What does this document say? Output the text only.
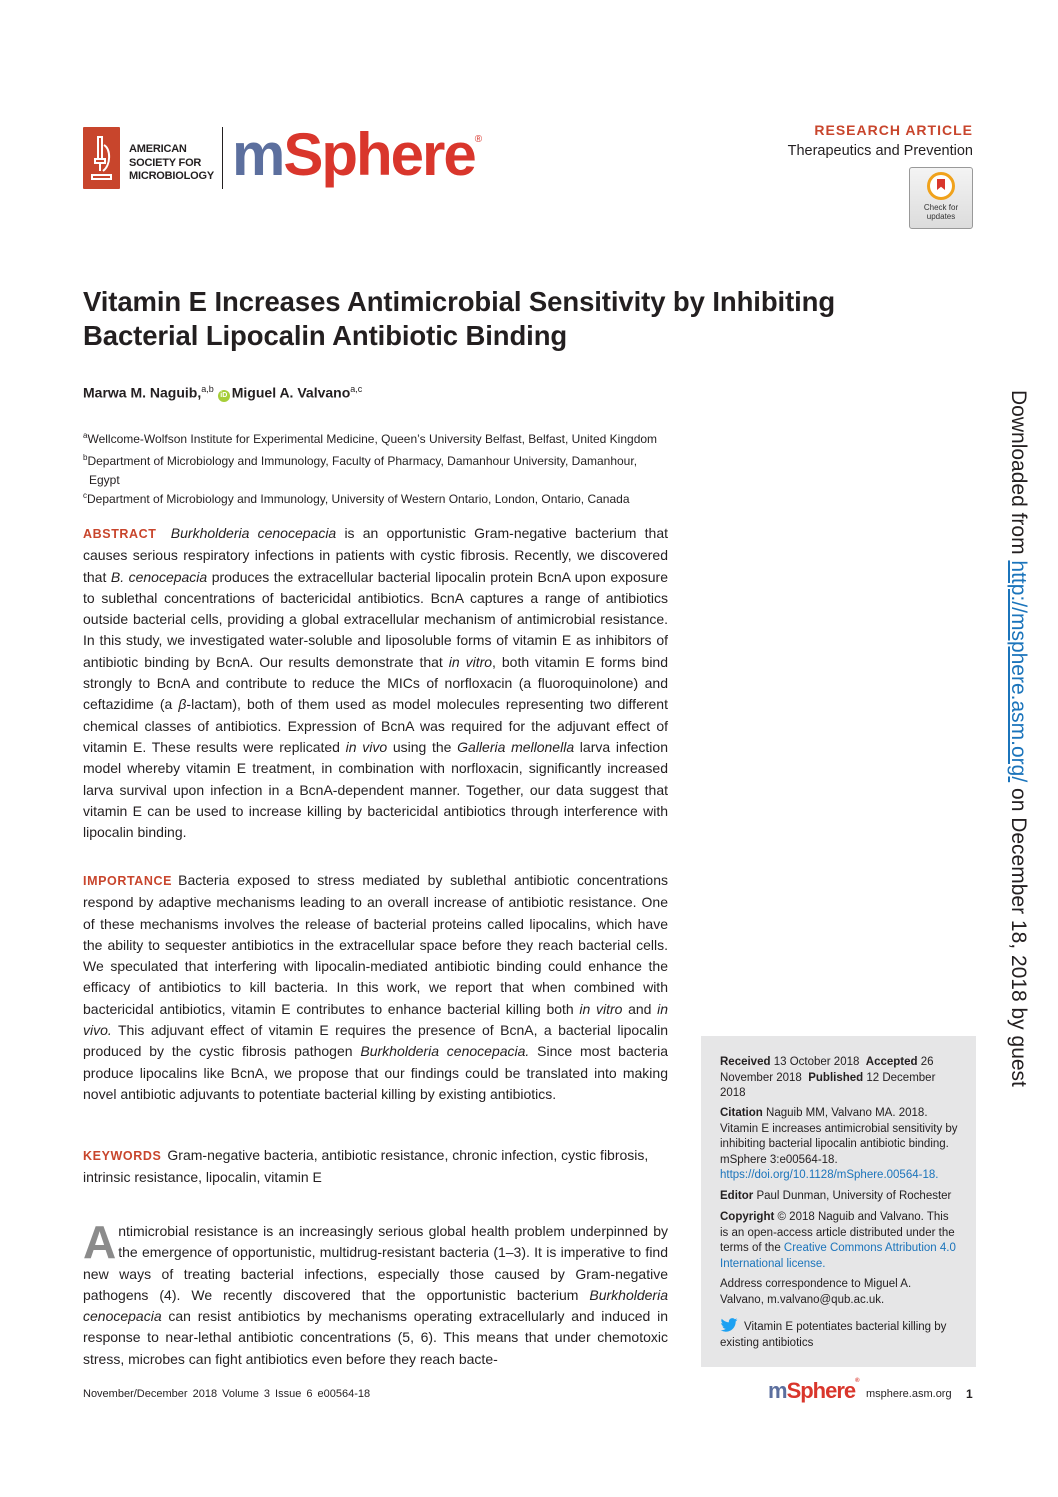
AMERICAN
SOCIETY FOR
MICROBIOLOGY mSphere®
RESEARCH ARTICLE
Therapeutics and Prevention
Check for
updates
Vitamin E Increases Antimicrobial Sensitivity by Inhibiting Bacterial Lipocalin Antibiotic Binding
Marwa M. Naguib,$^{a,b}$iD Miguel A. Valvano$^{a,c}$
$^a$Wellcome-Wolfson Institute for Experimental Medicine, Queen’s University Belfast, Belfast, United Kingdom
$^b$Department of Microbiology and Immunology, Faculty of Pharmacy, Damanhour University, Damanhour,
Egypt
$^c$Department of Microbiology and Immunology, University of Western Ontario, London, Ontario, Canada
ABSTRACT Burkholderia cenocepacia is an opportunistic Gram-negative bacterium that causes serious respiratory infections in patients with cystic fibrosis. Recently, we discovered that B. cenocepacia produces the extracellular bacterial lipocalin protein BcnA upon exposure to sublethal concentrations of bactericidal antibiotics. BcnA captures a range of antibiotics outside bacterial cells, providing a global extracellular mechanism of antimicrobial resistance. In this study, we investigated water-soluble and liposoluble forms of vitamin E as inhibitors of antibiotic binding by BcnA. Our results demonstrate that in vitro, both vitamin E forms bind strongly to BcnA and contribute to reduce the MICs of norfloxacin (a fluoroquinolone) and ceftazidime (a β-lactam), both of them used as model molecules representing two different chemical classes of antibiotics. Expression of BcnA was required for the adjuvant effect of vitamin E. These results were replicated in vivo using the Galleria mellonella larva infection model whereby vitamin E treatment, in combination with norfloxacin, significantly increased larva survival upon infection in a BcnA-dependent manner. Together, our data suggest that vitamin E can be used to increase killing by bactericidal antibiotics through interference with lipocalin binding.
IMPORTANCE Bacteria exposed to stress mediated by sublethal antibiotic concentrations respond by adaptive mechanisms leading to an overall increase of antibiotic resistance. One of these mechanisms involves the release of bacterial proteins called lipocalins, which have the ability to sequester antibiotics in the extracellular space before they reach bacterial cells. We speculated that interfering with lipocalin-mediated antibiotic binding could enhance the efficacy of antibiotics to kill bacteria. In this work, we report that when combined with bactericidal antibiotics, vitamin E contributes to enhance bacterial killing both in vitro and in vivo. This adjuvant effect of vitamin E requires the presence of BcnA, a bacterial lipocalin produced by the cystic fibrosis pathogen Burkholderia cenocepacia. Since most bacteria produce lipocalins like BcnA, we propose that our findings could be translated into making novel antibiotic adjuvants to potentiate bacterial killing by existing antibiotics.
KEYWORDS Gram-negative bacteria, antibiotic resistance, chronic infection, cystic fibrosis, intrinsic resistance, lipocalin, vitamin E
Antimicrobial resistance is an increasingly serious global health problem underpinned by the emergence of opportunistic, multidrug-resistant bacteria (1–3). It is imperative to find new ways of treating bacterial infections, especially those caused by Gram-negative pathogens (4). We recently discovered that the opportunistic bacterium Burkholderia cenocepacia can resist antibiotics by mechanisms operating extracellularly and induced in response to near-lethal antibiotic concentrations (5, 6). This means that under chemotoxic stress, microbes can fight antibiotics even before they reach bacte-
Received 13 October 2018 Accepted 26 November 2018 Published 12 December 2018
Citation Naguib MM, Valvano MA. 2018. Vitamin E increases antimicrobial sensitivity by inhibiting bacterial lipocalin antibiotic binding. mSphere 3:e00564-18. https://doi.org/10.1128/mSphere.00564-18.
Editor Paul Dunman, University of Rochester
Copyright © 2018 Naguib and Valvano. This is an open-access article distributed under the terms of the Creative Commons Attribution 4.0 International license.
Address correspondence to Miguel A. Valvano, m.valvano@qub.ac.uk.
Vitamin E potentiates bacterial killing by existing antibiotics
November/December 2018 Volume 3 Issue 6 e00564-18	mSphere®
msphere.asm.org 1
Downloaded from http://msphere.asm.org/ on December 18, 2018 by guest
